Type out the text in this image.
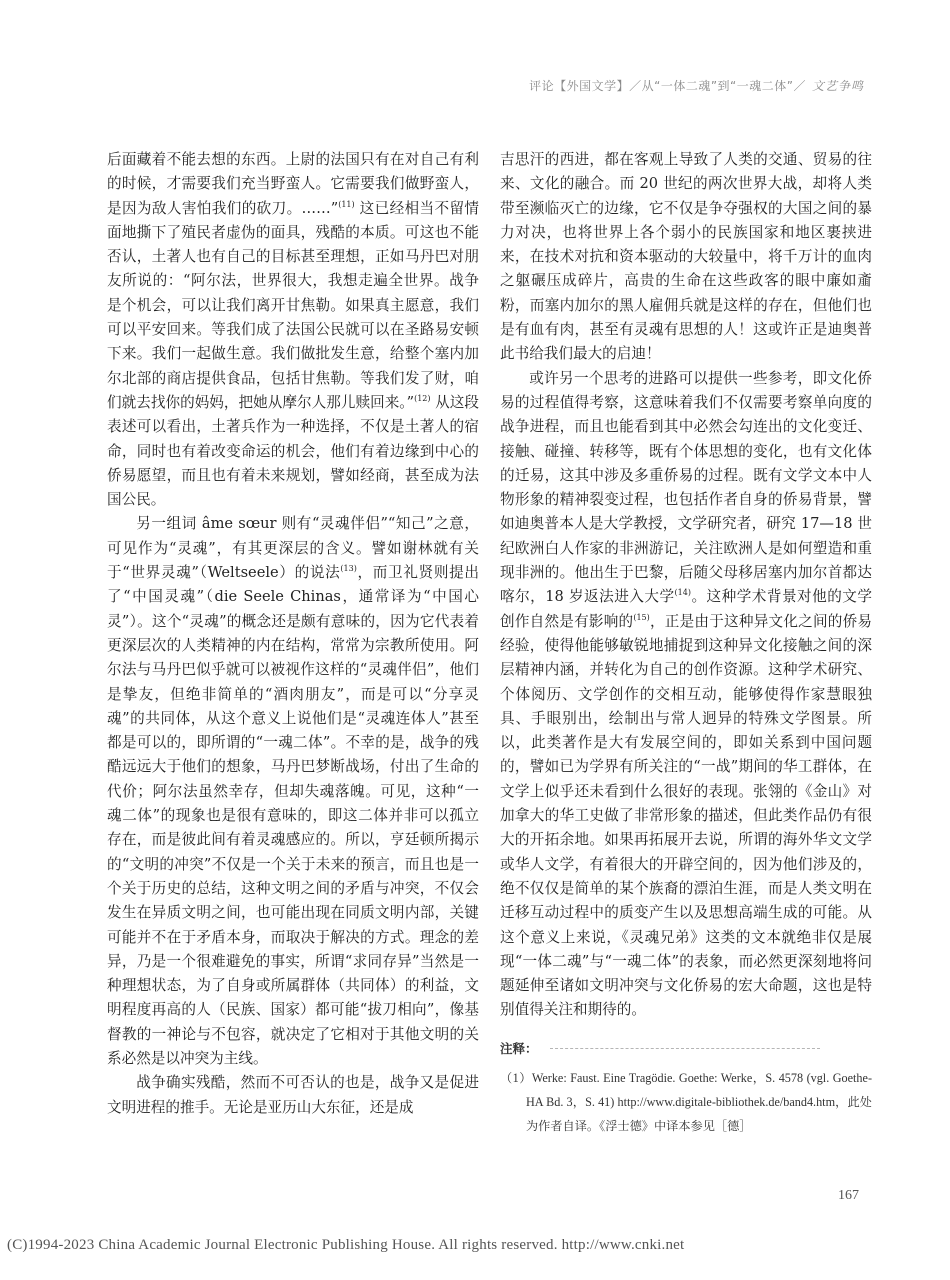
评论【外国文学】／从“一体二魂”到“一魂二体”／ 文艺争鸣

后面藏着不能去想的东西。上尉的法国只有在对自己有利的时候，才需要我们充当野蛮人。它需要我们做野蛮人，是因为敌人害怕我们的砍刀。……”$^{(11)}$ 这已经相当不留情面地撕下了殖民者虚伪的面具，残酷的本质。可这也不能否认，土著人也有自己的目标甚至理想，正如马丹巴对朋友所说的：“阿尔法，世界很大，我想走遍全世界。战争是个机会，可以让我们离开甘焦勒。如果真主愿意，我们可以平安回来。等我们成了法国公民就可以在圣路易安顿下来。我们一起做生意。我们做批发生意，给整个塞内加尔北部的商店提供食品，包括甘焦勒。等我们发了财，咱们就去找你的妈妈，把她从摩尔人那儿赎回来。”$^{(12)}$ 从这段表述可以看出，土著兵作为一种选择，不仅是土著人的宿命，同时也有着改变命运的机会，他们有着边缘到中心的侨易愿望，而且也有着未来规划，譬如经商，甚至成为法国公民。

另一组词 âme sœur 则有“灵魂伴侣”“知己”之意，可见作为“灵魂”，有其更深层的含义。譬如谢林就有关于“世界灵魂”（Weltseele）的说法$^{(13)}$，而卫礼贤则提出了“中国灵魂”（die Seele Chinas，通常译为“中国心灵”）。这个“灵魂”的概念还是颇有意味的，因为它代表着更深层次的人类精神的内在结构，常常为宗教所使用。阿尔法与马丹巴似乎就可以被视作这样的“灵魂伴侣”，他们是挚友，但绝非简单的“酒肉朋友”，而是可以“分享灵魂”的共同体，从这个意义上说他们是“灵魂连体人”甚至都是可以的，即所谓的“一魂二体”。不幸的是，战争的残酷远远大于他们的想象，马丹巴梦断战场，付出了生命的代价；阿尔法虽然幸存，但却失魂落魄。可见，这种“一魂二体”的现象也是很有意味的，即这二体并非可以孤立存在，而是彼此间有着灵魂感应的。所以，亨廷顿所揭示的“文明的冲突”不仅是一个关于未来的预言，而且也是一个关于历史的总结，这种文明之间的矛盾与冲突，不仅会发生在异质文明之间，也可能出现在同质文明内部，关键可能并不在于矛盾本身，而取决于解决的方式。理念的差异，乃是一个很难避免的事实，所谓“求同存异”当然是一种理想状态，为了自身或所属群体（共同体）的利益，文明程度再高的人（民族、国家）都可能“拔刀相向”，像基督教的一神论与不包容，就决定了它相对于其他文明的关系必然是以冲突为主线。

战争确实残酷，然而不可否认的也是，战争又是促进文明进程的推手。无论是亚历山大东征，还是成

吉思汗的西进，都在客观上导致了人类的交通、贸易的往来、文化的融合。而 20 世纪的两次世界大战，却将人类带至濒临灭亡的边缘，它不仅是争夺强权的大国之间的暴力对决，也将世界上各个弱小的民族国家和地区裹挟进来，在技术对抗和资本驱动的大较量中，将千万计的血肉之躯碾压成碎片，高贵的生命在这些政客的眼中廉如齑粉，而塞内加尔的黑人雇佣兵就是这样的存在，但他们也是有血有肉，甚至有灵魂有思想的人！这或许正是迪奥普此书给我们最大的启迪！

或许另一个思考的进路可以提供一些参考，即文化侨易的过程值得考察，这意味着我们不仅需要考察单向度的战争进程，而且也能看到其中必然会勾连出的文化变迁、接触、碰撞、转移等，既有个体思想的变化，也有文化体的迁易，这其中涉及多重侨易的过程。既有文学文本中人物形象的精神裂变过程，也包括作者自身的侨易背景，譬如迪奥普本人是大学教授，文学研究者，研究 17—18 世纪欧洲白人作家的非洲游记，关注欧洲人是如何塑造和重现非洲的。他出生于巴黎，后随父母移居塞内加尔首都达喀尔，18 岁返法进入大学$^{(14)}$。这种学术背景对他的文学创作自然是有影响的$^{(15)}$，正是由于这种异文化之间的侨易经验，使得他能够敏锐地捕捉到这种异文化接触之间的深层精神内涵，并转化为自己的创作资源。这种学术研究、个体阅历、文学创作的交相互动，能够使得作家慧眼独具、手眼别出，绘制出与常人迥异的特殊文学图景。所以，此类著作是大有发展空间的，即如关系到中国问题的，譬如已为学界有所关注的“一战”期间的华工群体，在文学上似乎还未看到什么很好的表现。张翎的《金山》对加拿大的华工史做了非常形象的描述，但此类作品仍有很大的开拓余地。如果再拓展开去说，所谓的海外华文文学或华人文学，有着很大的开辟空间的，因为他们涉及的，绝不仅仅是简单的某个族裔的漂泊生涯，而是人类文明在迁移互动过程中的质变产生以及思想高端生成的可能。从这个意义上来说，《灵魂兄弟》这类的文本就绝非仅是展现“一体二魂”与“一魂二体”的表象，而必然更深刻地将问题延伸至诸如文明冲突与文化侨易的宏大命题，这也是特别值得关注和期待的。

注释：
（1）Werke: Faust. Eine Tragödie. Goethe: Werke，S. 4578 (vgl. Goethe-HA Bd. 3，S. 41) http://www.digitale-bibliothek.de/band4.htm，此处为作者自译。《浮士德》中译本参见［德］
167
(C)1994-2023 China Academic Journal Electronic Publishing House. All rights reserved. http://www.cnki.net
